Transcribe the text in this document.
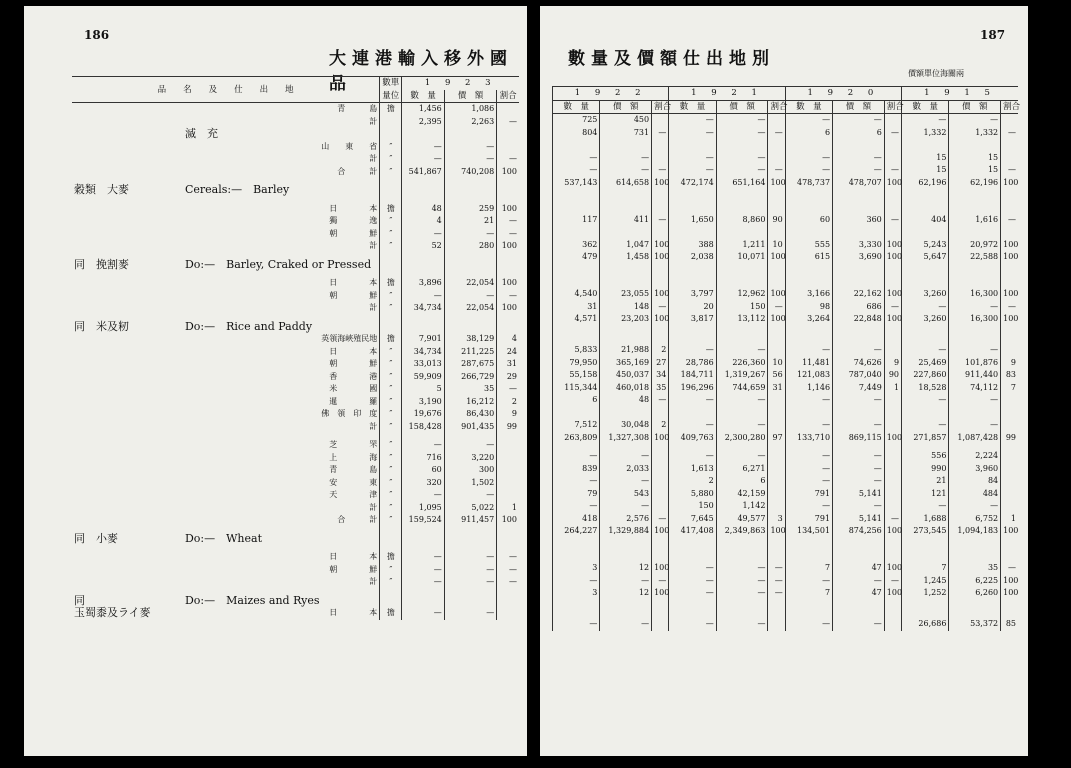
186
大連港輸入移外國品
品　　名　　及　　仕　　出　　地			數單	1 9 2 3		
			量位	數　量	價　額	割合
		青　　　島	擔	1,456	1,086	
		計		2,395	2,263	—
	滅　充					
		山　　東　　省	″	—	—	
		計	″	—	—	—
		合　　　計	″	541,867	740,208	100

穀類　大麥	Cereals:—　Barley					

		日　　　　本	擔	48	259	100
		獨　　　　逸	″	4	21	—
		朝　　　　鮮	″	—	—	—
		計	″	52	280	100

同　挽割麥	Do:—　Barley, Craked or Pressed					

		日　　　　本	擔	3,896	22,054	100
		朝　　　　鮮	″	—	—	—
		計	″	34,734	22,054	100

同　米及籾	Do:—　Rice and Paddy					
		英領海峽殖民地	擔	7,901	38,129	4
		日　　　　本	″	34,734	211,225	24
		朝　　　　鮮	″	33,013	287,675	31
		香　　　　港	″	59,909	266,729	29
		米　　　　國	″	5	35	—
		暹　　　　羅	″	3,190	16,212	2
		佛　領　印　度	″	19,676	86,430	9
		計	″	158,428	901,435	99

		芝　　　　罘	″	—	—	
		上　　　　海	″	716	3,220	
		青　　　　島	″	60	300	
		安　　　　東	″	320	1,502	
		天　　　　津	″	—	—	
		計	″	1,095	5,022	1
		合　　　計	″	159,524	911,457	100

同　小麥	Do:—　Wheat					

		日　　　　本	擔	—	—	—
		朝　　　　鮮	″	—	—	—
		計	″	—	—	—

同	Do:—　Maizes and Ryes					
玉蜀黍及ライ麥		日　　　　本	擔	—	—	
187
數量及價額仕出地別
價額單位海關兩
1 9 2 2			1 9 2 1			1 9 2 0			1 9 1 5		
數　量	價　額	割合	數　量	價　額	割合	數　量	價　額	割合	數　量	價　額	割合
725	450		—	—		—	—		—	—	
804	731	—	—	—	—	6	6	—	1,332	1,332	—

—	—		—	—		—	—		15	15	
—	—	—	—	—	—	—	—	—	15	15	—
537,143	614,658	100	472,174	651,164	100	478,737	478,707	100	62,196	62,196	100

117	411	—	1,650	8,860	90	60	360	—	404	1,616	—

362	1,047	100	388	1,211	10	555	3,330	100	5,243	20,972	100
479	1,458	100	2,038	10,071	100	615	3,690	100	5,647	22,588	100

4,540	23,055	100	3,797	12,962	100	3,166	22,162	100	3,260	16,300	100
31	148	—	20	150	—	98	686	—	—	—	—
4,571	23,203	100	3,817	13,112	100	3,264	22,848	100	3,260	16,300	100

5,833	21,988	2	—	—		—	—		—	—	
79,950	365,169	27	28,786	226,360	10	11,481	74,626	9	25,469	101,876	9
55,158	450,037	34	184,711	1,319,267	56	121,083	787,040	90	227,860	911,440	83
115,344	460,018	35	196,296	744,659	31	1,146	7,449	1	18,528	74,112	7
6	48	—	—	—		—	—		—	—	

7,512	30,048	2	—	—		—	—		—	—	
263,809	1,327,308	100	409,763	2,300,280	97	133,710	869,115	100	271,857	1,087,428	99

—	—		—	—		—	—		556	2,224	
839	2,033		1,613	6,271		—	—		990	3,960	
—	—		2	6		—	—		21	84	
79	543		5,880	42,159		791	5,141		121	484	
—	—		150	1,142		—	—		—	—	
418	2,576	—	7,645	49,577	3	791	5,141	—	1,688	6,752	1
264,227	1,329,884	100	417,408	2,349,863	100	134,501	874,256	100	273,545	1,094,183	100

3	12	100	—	—	—	7	47	100	7	35	—
—	—	—	—	—	—	—	—	—	1,245	6,225	100
3	12	100	—	—	—	7	47	100	1,252	6,260	100

—	—		—	—		—	—		26,686	53,372	85
